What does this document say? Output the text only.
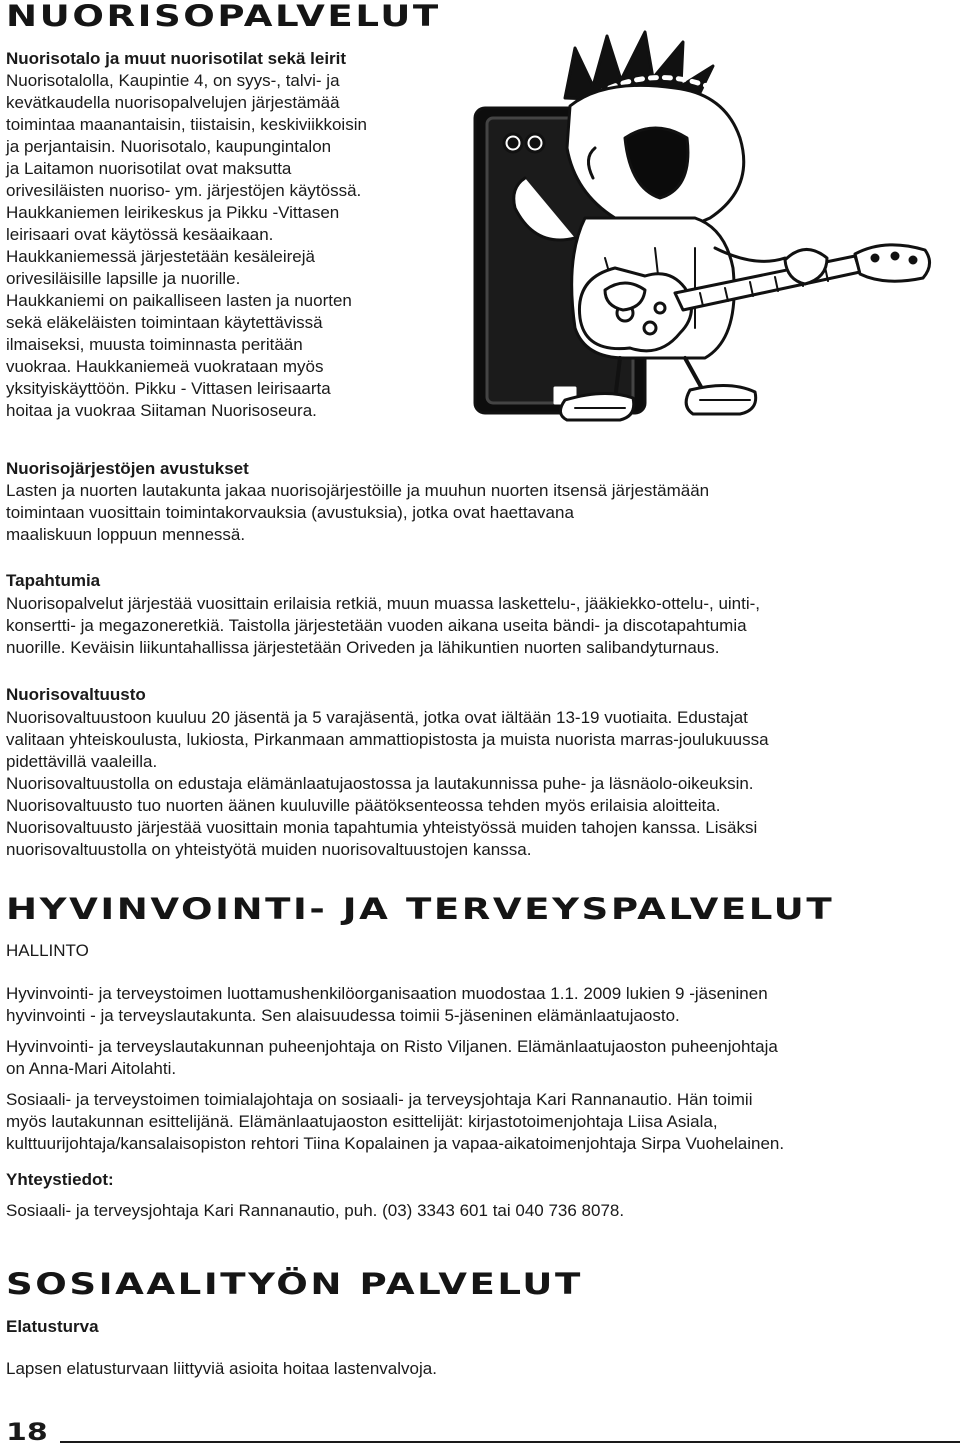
NUORISOPALVELUT
Nuorisotalo ja muut nuorisotilat sekä leirit
Nuorisotalolla, Kaupintie 4, on syys-, talvi- ja
kevätkaudella nuorisopalvelujen järjestämää
toimintaa maanantaisin, tiistaisin, keskiviikkoisin
ja perjantaisin. Nuorisotalo, kaupungintalon
ja Laitamon nuorisotilat ovat maksutta
orivesiläisten nuoriso- ym. järjestöjen käytössä.
Haukkaniemen leirikeskus ja Pikku -Vittasen
leirisaari ovat käytössä kesäaikaan.
Haukkaniemessä järjestetään kesäleirejä
orivesiläisille lapsille ja nuorille.
Haukkaniemi on paikalliseen lasten ja nuorten
sekä eläkeläisten toimintaan käytettävissä
ilmaiseksi, muusta toiminnasta peritään
vuokraa. Haukkaniemeä vuokrataan myös
yksityiskäyttöön. Pikku - Vittasen leirisaarta
hoitaa ja vuokraa Siitaman Nuorisoseura.
Nuorisojärjestöjen avustukset
Lasten ja nuorten lautakunta jakaa nuorisojärjestöille ja muuhun nuorten itsensä järjestämään
toimintaan vuosittain toimintakorvauksia (avustuksia), jotka ovat haettavana
maaliskuun loppuun mennessä.
Tapahtumia
Nuorisopalvelut järjestää vuosittain erilaisia retkiä, muun muassa laskettelu-, jääkiekko-ottelu-, uinti-,
konsertti- ja megazoneretkiä. Taistolla järjestetään vuoden aikana useita bändi- ja discotapahtumia
nuorille. Keväisin liikuntahallissa järjestetään Oriveden ja lähikuntien nuorten salibandyturnaus.
Nuorisovaltuusto
Nuorisovaltuustoon kuuluu 20 jäsentä ja 5 varajäsentä, jotka ovat iältään 13-19 vuotiaita. Edustajat
valitaan yhteiskoulusta, lukiosta, Pirkanmaan ammattiopistosta ja muista nuorista marras-joulukuussa
pidettävillä vaaleilla.
Nuorisovaltuustolla on edustaja elämänlaatujaostossa ja lautakunnissa puhe- ja läsnäolo-oikeuksin.
Nuorisovaltuusto tuo nuorten äänen kuuluville päätöksenteossa tehden myös erilaisia aloitteita.
Nuorisovaltuusto järjestää vuosittain monia tapahtumia yhteistyössä muiden tahojen kanssa. Lisäksi
nuorisovaltuustolla on yhteistyötä muiden nuorisovaltuustojen kanssa.
HYVINVOINTI- JA TERVEYSPALVELUT
HALLINTO
Hyvinvointi- ja terveystoimen luottamushenkilöorganisaation muodostaa 1.1. 2009 lukien 9 -jäseninen
hyvinvointi - ja terveyslautakunta. Sen alaisuudessa toimii 5-jäseninen elämänlaatujaosto.
Hyvinvointi- ja terveyslautakunnan puheenjohtaja on Risto Viljanen. Elämänlaatujaoston puheenjohtaja
on Anna-Mari Aitolahti.
Sosiaali- ja terveystoimen toimialajohtaja on sosiaali- ja terveysjohtaja Kari Rannanautio. Hän toimii
myös lautakunnan esittelijänä. Elämänlaatujaoston esittelijät: kirjastotoimenjohtaja Liisa Asiala,
kulttuurijohtaja/kansalaisopiston rehtori Tiina Kopalainen ja vapaa-aikatoimenjohtaja Sirpa Vuohelainen.
Yhteystiedot:
Sosiaali- ja terveysjohtaja Kari Rannanautio, puh. (03) 3343 601 tai 040 736 8078.
SOSIAALITYÖN PALVELUT
Elatusturva
Lapsen elatusturvaan liittyviä asioita hoitaa lastenvalvoja.
18
